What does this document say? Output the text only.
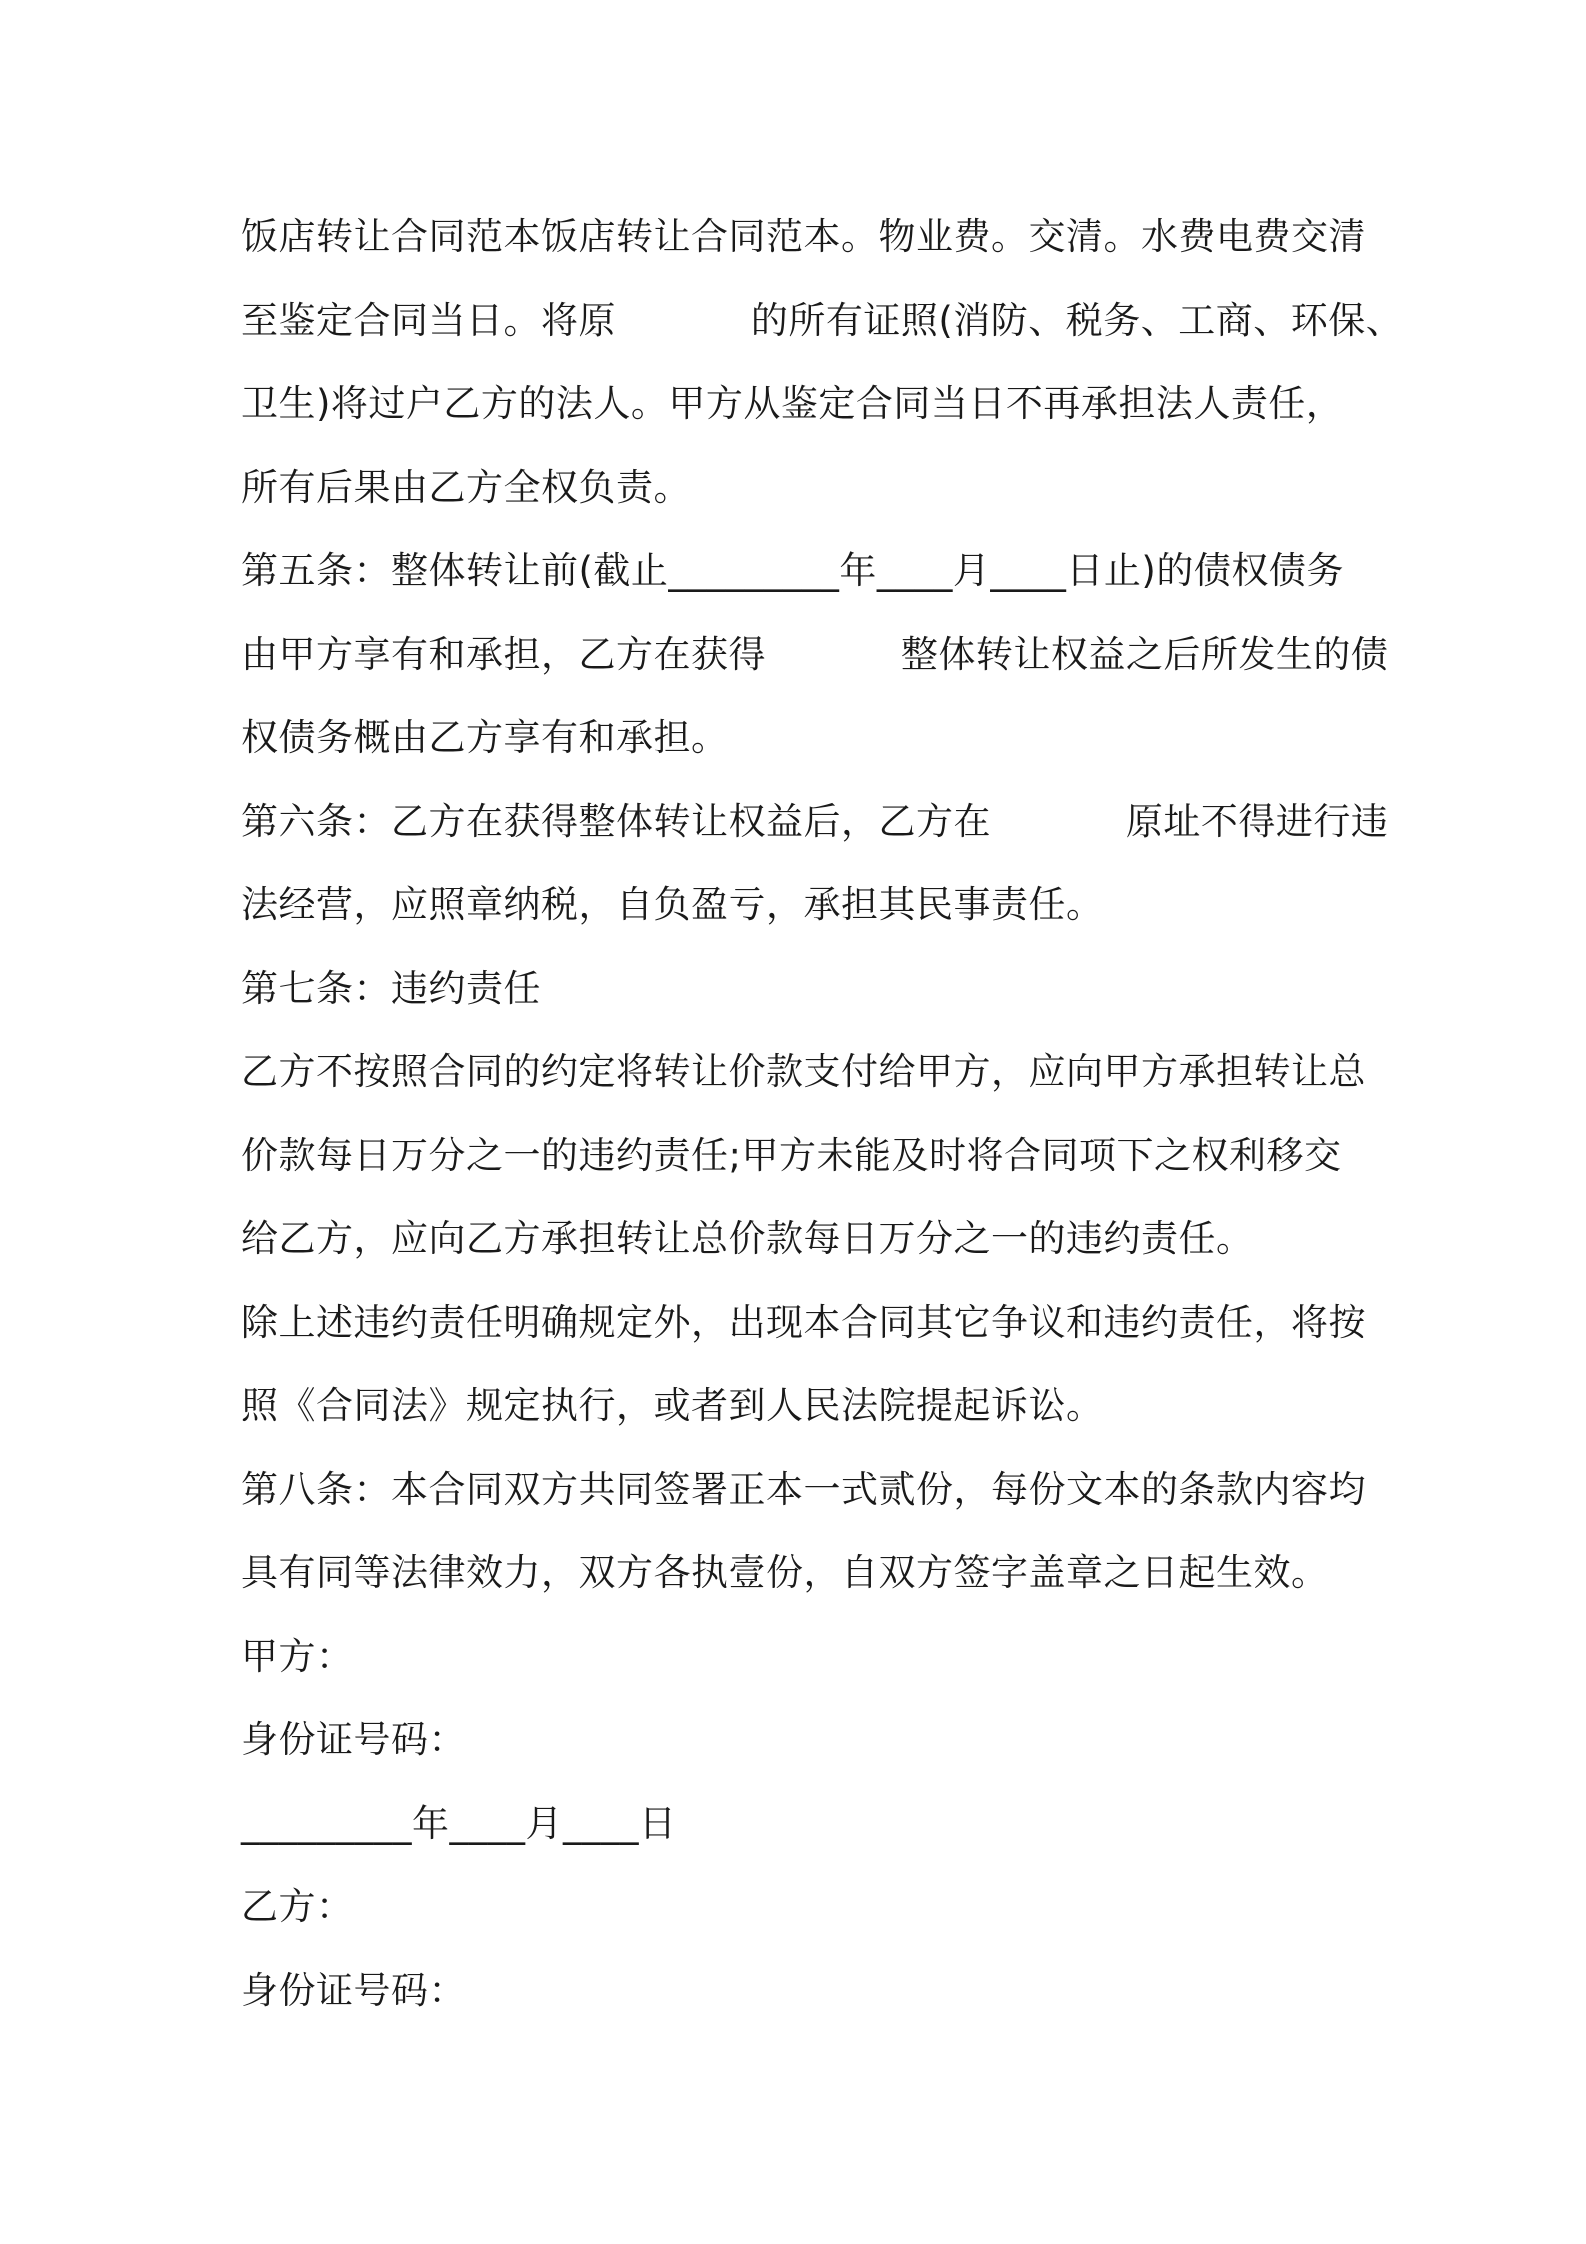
饭店转让合同范本饭店转让合同范本。物业费。交清。水费电费交清
至鉴定合同当日。将原           的所有证照(消防、税务、工商、环保、
卫生)将过户乙方的法人。甲方从鉴定合同当日不再承担法人责任，
所有后果由乙方全权负责。
第五条：整体转让前(截止_________年____月____日止)的债权债务
由甲方享有和承担，乙方在获得           整体转让权益之后所发生的债
权债务概由乙方享有和承担。
第六条：乙方在获得整体转让权益后，乙方在           原址不得进行违
法经营，应照章纳税，自负盈亏，承担其民事责任。
第七条：违约责任
乙方不按照合同的约定将转让价款支付给甲方，应向甲方承担转让总
价款每日万分之一的违约责任;甲方未能及时将合同项下之权利移交
给乙方，应向乙方承担转让总价款每日万分之一的违约责任。
除上述违约责任明确规定外，出现本合同其它争议和违约责任，将按
照《合同法》规定执行，或者到人民法院提起诉讼。
第八条：本合同双方共同签署正本一式贰份，每份文本的条款内容均
具有同等法律效力，双方各执壹份，自双方签字盖章之日起生效。
甲方：
身份证号码：
_________年____月____日
乙方：
身份证号码：
